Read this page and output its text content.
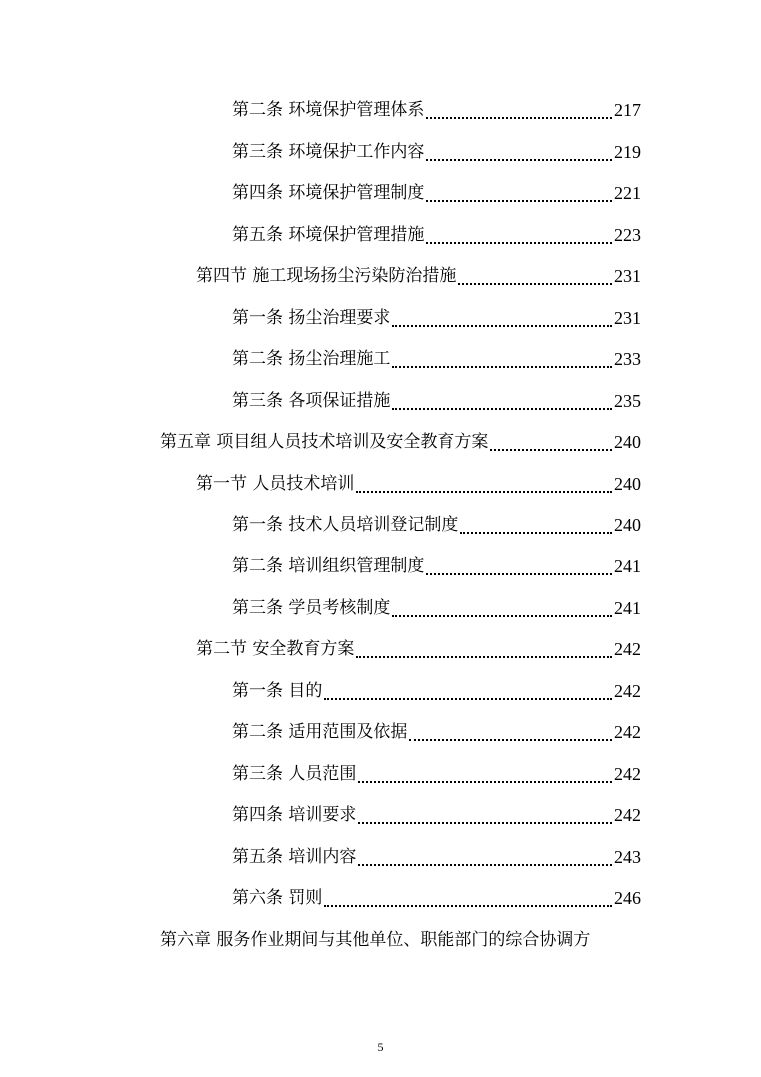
第二条 环境保护管理体系	217
第三条 环境保护工作内容	219
第四条 环境保护管理制度	221
第五条 环境保护管理措施	223
第四节 施工现场扬尘污染防治措施	231
第一条 扬尘治理要求	231
第二条 扬尘治理施工	233
第三条 各项保证措施	235
第五章 项目组人员技术培训及安全教育方案	240
第一节 人员技术培训	240
第一条 技术人员培训登记制度	240
第二条 培训组织管理制度	241
第三条 学员考核制度	241
第二节 安全教育方案	242
第一条 目的	242
第二条 适用范围及依据	242
第三条 人员范围	242
第四条 培训要求	242
第五条 培训内容	243
第六条 罚则	246
第六章 服务作业期间与其他单位、职能部门的综合协调方
5
